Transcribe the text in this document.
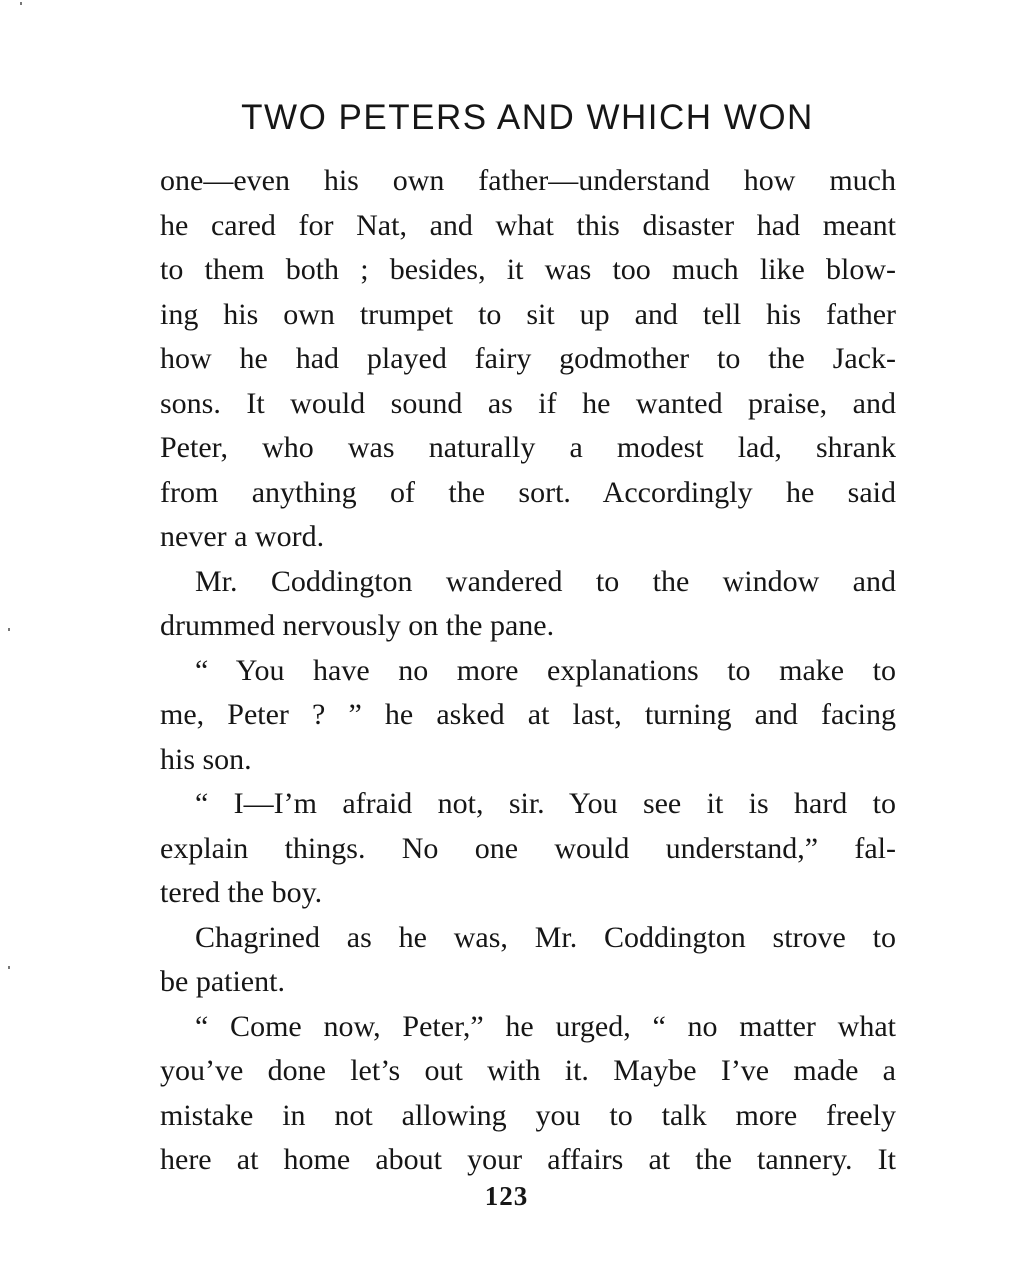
TWO PETERS AND WHICH WON
one—even his own father—understand how much
he cared for Nat, and what this disaster had meant
to them both ; besides, it was too much like blow-
ing his own trumpet to sit up and tell his father
how he had played fairy godmother to the Jack-
sons. It would sound as if he wanted praise, and
Peter, who was naturally a modest lad, shrank
from anything of the sort. Accordingly he said
never a word.
Mr. Coddington wandered to the window and
drummed nervously on the pane.
“ You have no more explanations to make to
me, Peter ? ” he asked at last, turning and facing
his son.
“ I—I’m afraid not, sir. You see it is hard to
explain things. No one would understand,” fal-
tered the boy.
Chagrined as he was, Mr. Coddington strove to
be patient.
“ Come now, Peter,” he urged, “ no matter what
you’ve done let’s out with it. Maybe I’ve made a
mistake in not allowing you to talk more freely
here at home about your affairs at the tannery. It
123
